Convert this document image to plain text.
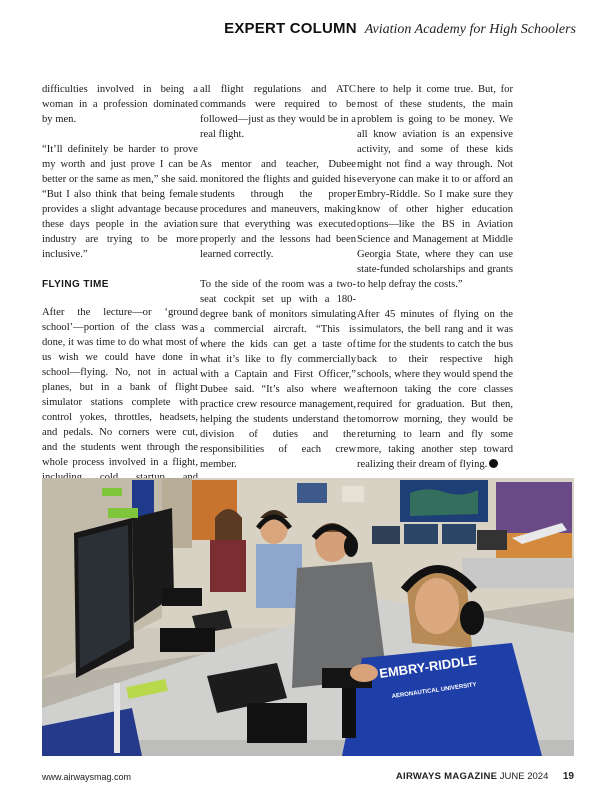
EXPERT COLUMN Aviation Academy for High Schoolers

difficulties involved in being a woman in a profession dominated by men.

“It’ll definitely be harder to prove my worth and just prove I can be better or the same as men,” she said. “But I also think that being female provides a slight advantage because these days people in the aviation industry are trying to be more inclusive.”

FLYING TIME

After the lecture—or ‘ground school’—portion of the class was done, it was time to do what most of us wish we could have done in school—flying. No, not in actual planes, but in a bank of flight simulator stations complete with control yokes, throttles, headsets, and pedals. No corners were cut, and the students went through the whole process involved in a flight,

all flight regulations and ATC commands were required to be followed—just as they would be in a real flight.

As mentor and teacher, Dubee monitored the flights and guided his students through the proper procedures and maneuvers, making sure that everything was executed properly and the lessons had been learned correctly.

To the side of the room was a two-seat cockpit set up with a 180-degree bank of monitors simulating a commercial aircraft. “This is where the kids can get a taste of what it’s like to fly commercially with a Captain and First Officer,” Dubee said. “It’s also where we practice crew resource management, helping the students understand the division of duties and the responsibilities of each crew member.

here to help it come true. But, for most of these students, the main problem is going to be money. We all know aviation is an expensive activity, and some of these kids might not find a way through. Not everyone can make it to or afford an Embry-Riddle. So I make sure they know of other higher education options—like the BS in Aviation Science and Management at Middle Georgia State, where they can use state-funded scholarships and grants to help defray the costs.”

After 45 minutes of flying on the simulators, the bell rang and it was time for the students to catch the bus back to their respective high schools, where they would spend the afternoon taking the core classes required for graduation. But then, tomorrow morning, they would be returning to learn and fly some more, taking another step toward realizing their dream of flying.

EMBRY-RIDDLE
AERONAUTICAL UNIVERSITY
www.airwaysmag.com	AIRWAYS MAGAZINE JUNE 2024 19
